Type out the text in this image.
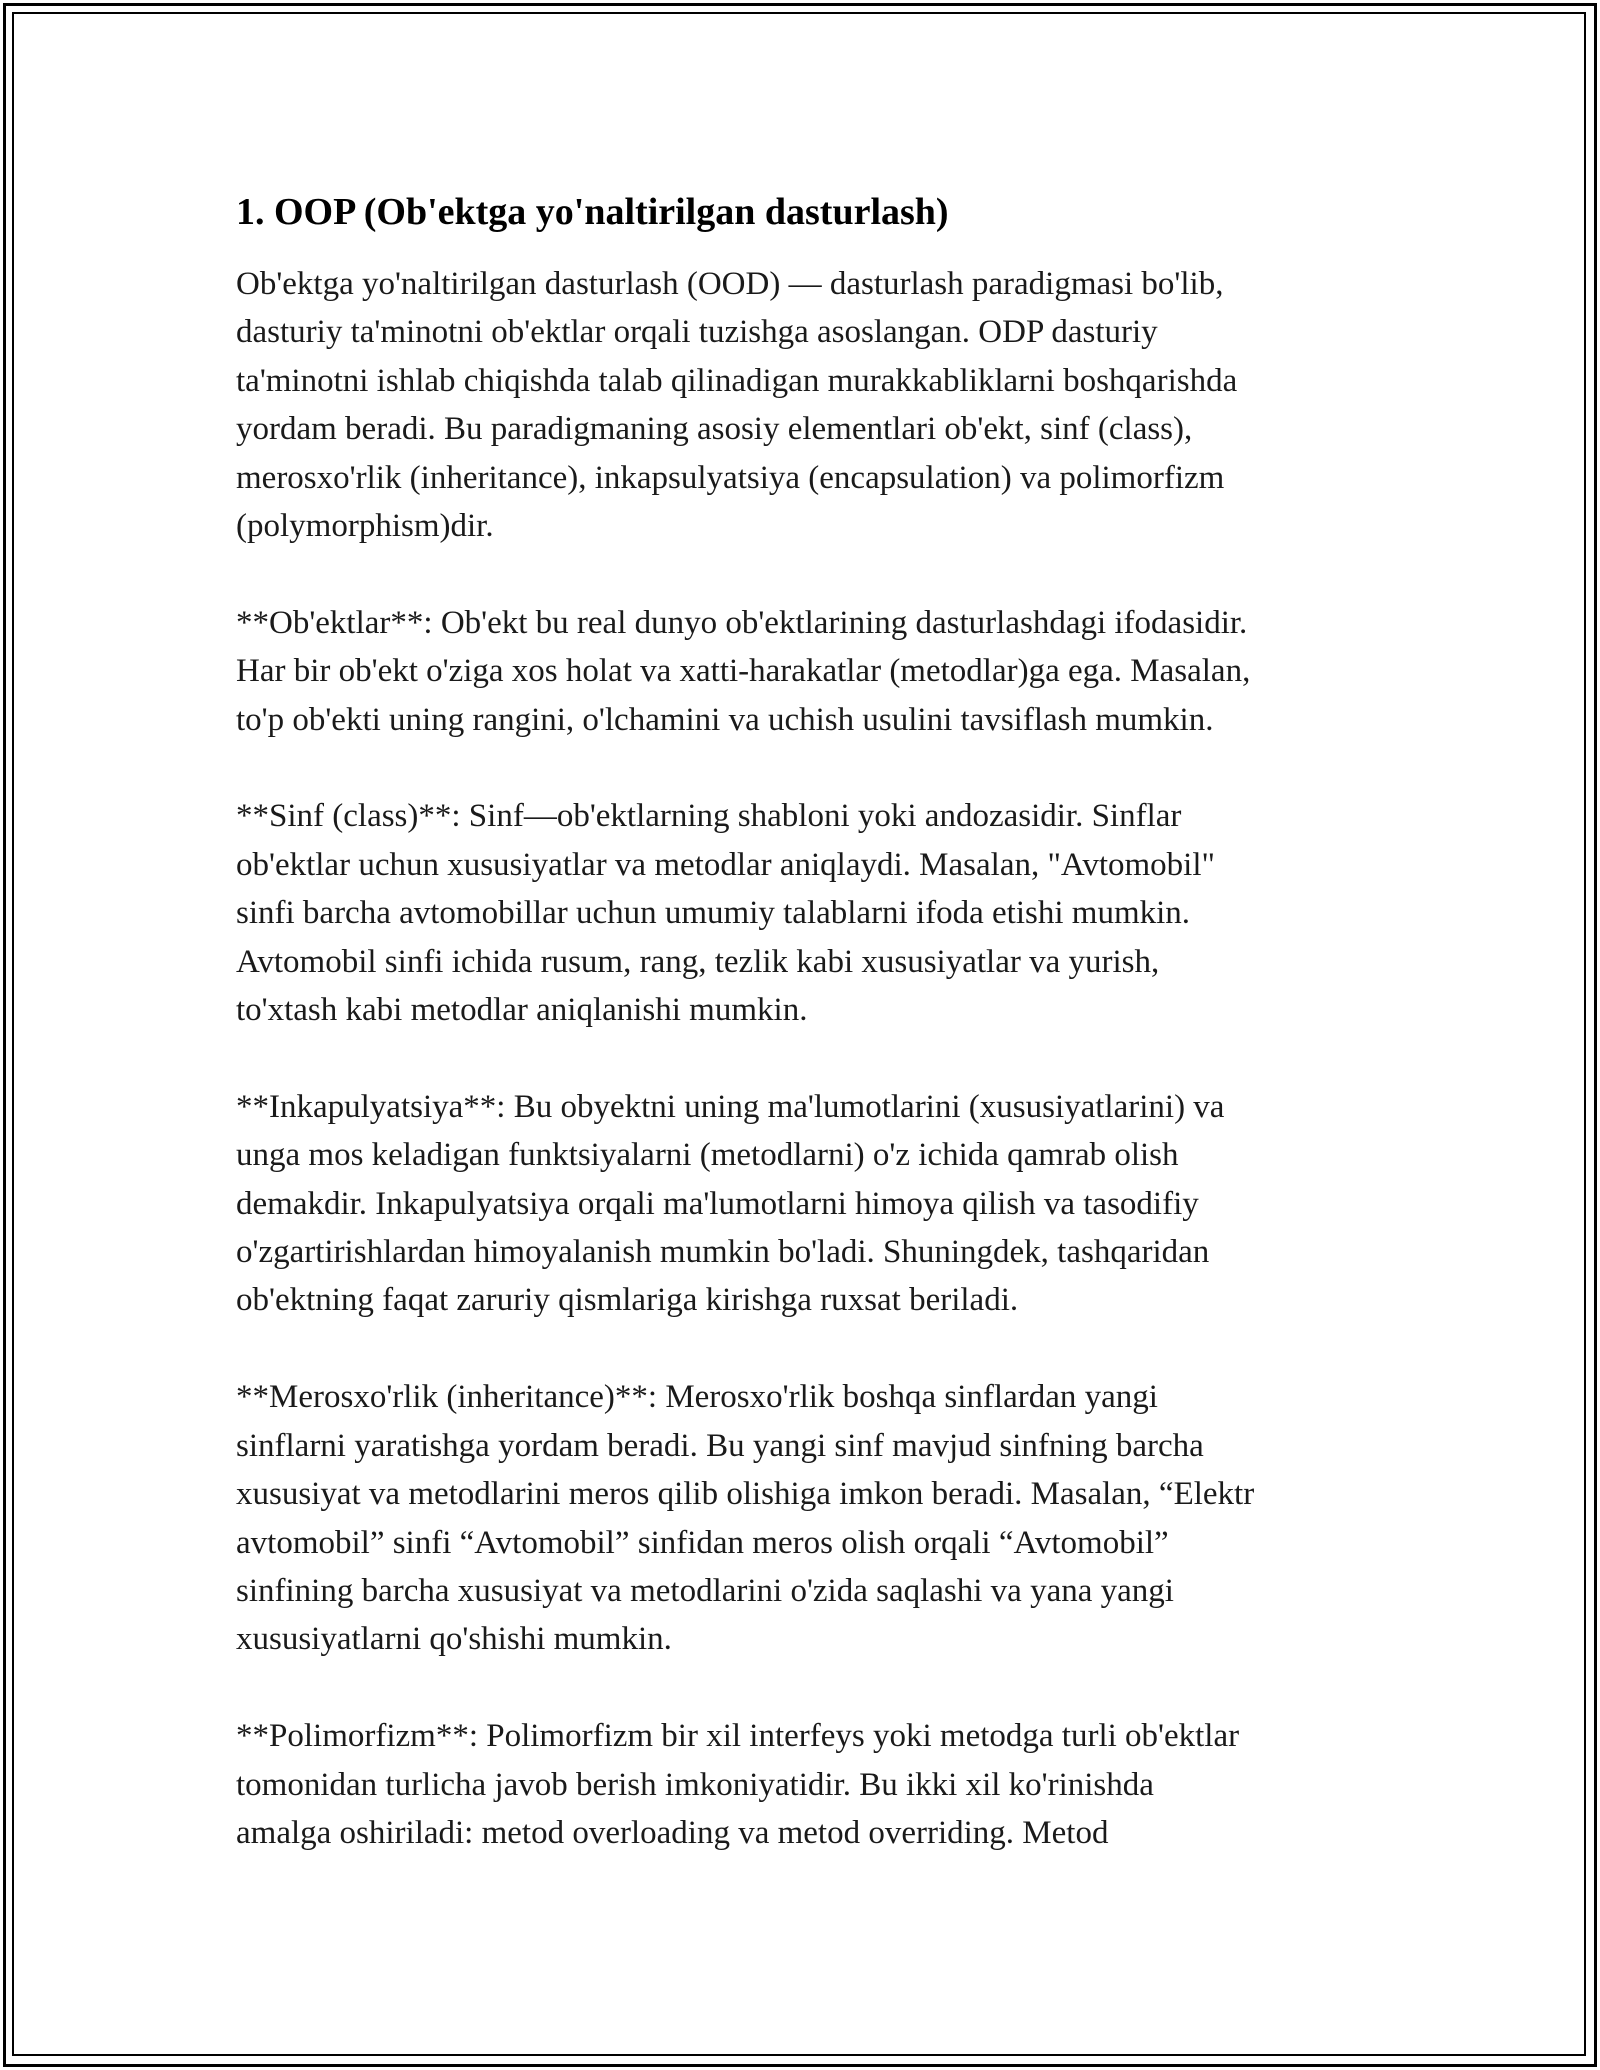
1. OOP (Ob'ektga yo'naltirilgan dasturlash)

Ob'ektga yo'naltirilgan dasturlash (OOD) — dasturlash paradigmasi bo'lib,
dasturiy ta'minotni ob'ektlar orqali tuzishga asoslangan. ODP dasturiy
ta'minotni ishlab chiqishda talab qilinadigan murakkabliklarni boshqarishda
yordam beradi. Bu paradigmaning asosiy elementlari ob'ekt, sinf (class),
merosxo'rlik (inheritance), inkapsulyatsiya (encapsulation) va polimorfizm
(polymorphism)dir.

**Ob'ektlar**: Ob'ekt bu real dunyo ob'ektlarining dasturlashdagi ifodasidir.
Har bir ob'ekt o'ziga xos holat va xatti-harakatlar (metodlar)ga ega. Masalan,
to'p ob'ekti uning rangini, o'lchamini va uchish usulini tavsiflash mumkin.

**Sinf (class)**: Sinf—ob'ektlarning shabloni yoki andozasidir. Sinflar
ob'ektlar uchun xususiyatlar va metodlar aniqlaydi. Masalan, "Avtomobil"
sinfi barcha avtomobillar uchun umumiy talablarni ifoda etishi mumkin.
Avtomobil sinfi ichida rusum, rang, tezlik kabi xususiyatlar va yurish,
to'xtash kabi metodlar aniqlanishi mumkin.

**Inkapulyatsiya**: Bu obyektni uning ma'lumotlarini (xususiyatlarini) va
unga mos keladigan funktsiyalarni (metodlarni) o'z ichida qamrab olish
demakdir. Inkapulyatsiya orqali ma'lumotlarni himoya qilish va tasodifiy
o'zgartirishlardan himoyalanish mumkin bo'ladi. Shuningdek, tashqaridan
ob'ektning faqat zaruriy qismlariga kirishga ruxsat beriladi.

**Merosxo'rlik (inheritance)**: Merosxo'rlik boshqa sinflardan yangi
sinflarni yaratishga yordam beradi. Bu yangi sinf mavjud sinfning barcha
xususiyat va metodlarini meros qilib olishiga imkon beradi. Masalan, “Elektr
avtomobil” sinfi “Avtomobil” sinfidan meros olish orqali “Avtomobil”
sinfining barcha xususiyat va metodlarini o'zida saqlashi va yana yangi
xususiyatlarni qo'shishi mumkin.

**Polimorfizm**: Polimorfizm bir xil interfeys yoki metodga turli ob'ektlar
tomonidan turlicha javob berish imkoniyatidir. Bu ikki xil ko'rinishda
amalga oshiriladi: metod overloading va metod overriding. Metod
